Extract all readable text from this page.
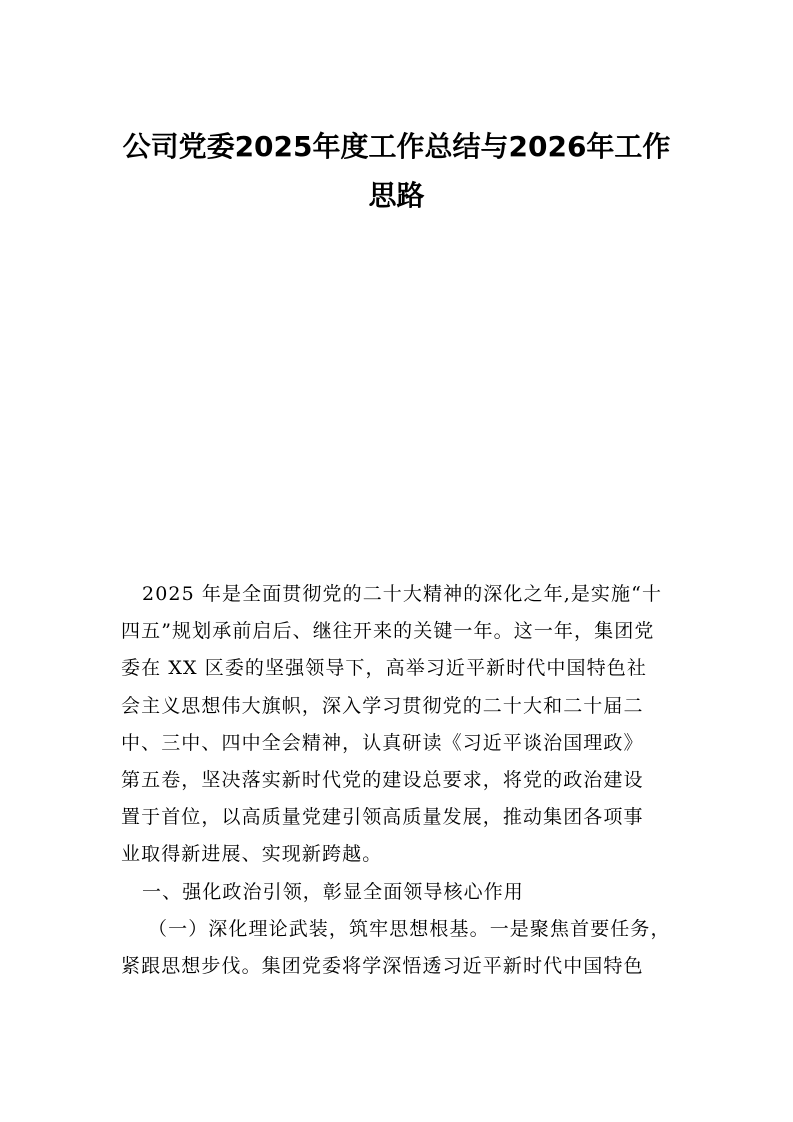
公司党委2025年度工作总结与2026年工作
思路
2025 年是全面贯彻党的二十大精神的深化之年,是实施“十
四五”规划承前启后、继往开来的关键一年。这一年，集团党
委在 XX 区委的坚强领导下，高举习近平新时代中国特色社
会主义思想伟大旗帜，深入学习贯彻党的二十大和二十届二
中、三中、四中全会精神，认真研读《习近平谈治国理政》
第五卷，坚决落实新时代党的建设总要求，将党的政治建设
置于首位，以高质量党建引领高质量发展，推动集团各项事
业取得新进展、实现新跨越。
一、强化政治引领，彰显全面领导核心作用
（一）深化理论武装，筑牢思想根基。一是聚焦首要任务，
紧跟思想步伐。集团党委将学深悟透习近平新时代中国特色
